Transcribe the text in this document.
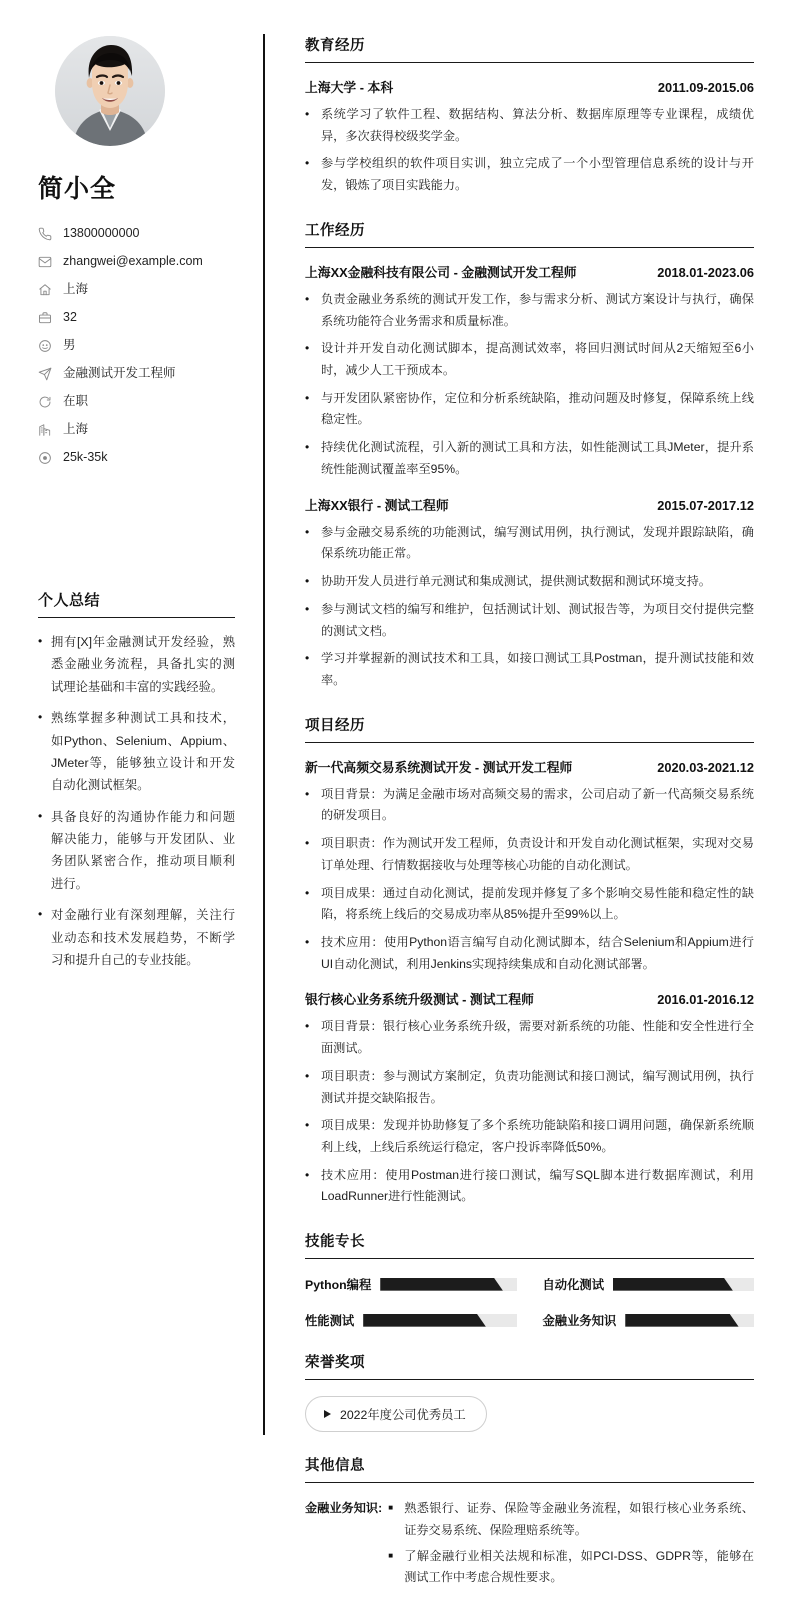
简小全
13800000000
zhangwei@example.com
上海
32
男
金融测试开发工程师
在职
上海
25k-35k
个人总结
• 拥有[X]年金融测试开发经验，熟悉金融业务流程，具备扎实的测试理论基础和丰富的实践经验。
• 熟练掌握多种测试工具和技术，如Python、Selenium、Appium、JMeter等，能够独立设计和开发自动化测试框架。
• 具备良好的沟通协作能力和问题解决能力，能够与开发团队、业务团队紧密合作，推动项目顺利进行。
• 对金融行业有深刻理解，关注行业动态和技术发展趋势，不断学习和提升自己的专业技能。
教育经历
上海大学 - 本科	2011.09-2015.06
• 系统学习了软件工程、数据结构、算法分析、数据库原理等专业课程，成绩优异，多次获得校级奖学金。
• 参与学校组织的软件项目实训，独立完成了一个小型管理信息系统的设计与开发，锻炼了项目实践能力。
工作经历
上海XX金融科技有限公司 - 金融测试开发工程师	2018.01-2023.06
• 负责金融业务系统的测试开发工作，参与需求分析、测试方案设计与执行，确保系统功能符合业务需求和质量标准。
• 设计并开发自动化测试脚本，提高测试效率，将回归测试时间从2天缩短至6小时，减少人工干预成本。
• 与开发团队紧密协作，定位和分析系统缺陷，推动问题及时修复，保障系统上线稳定性。
• 持续优化测试流程，引入新的测试工具和方法，如性能测试工具JMeter，提升系统性能测试覆盖率至95%。
上海XX银行 - 测试工程师	2015.07-2017.12
• 参与金融交易系统的功能测试，编写测试用例，执行测试，发现并跟踪缺陷，确保系统功能正常。
• 协助开发人员进行单元测试和集成测试，提供测试数据和测试环境支持。
• 参与测试文档的编写和维护，包括测试计划、测试报告等，为项目交付提供完整的测试文档。
• 学习并掌握新的测试技术和工具，如接口测试工具Postman，提升测试技能和效率。
项目经历
新一代高频交易系统测试开发 - 测试开发工程师	2020.03-2021.12
• 项目背景：为满足金融市场对高频交易的需求，公司启动了新一代高频交易系统的研发项目。
• 项目职责：作为测试开发工程师，负责设计和开发自动化测试框架，实现对交易订单处理、行情数据接收与处理等核心功能的自动化测试。
• 项目成果：通过自动化测试，提前发现并修复了多个影响交易性能和稳定性的缺陷，将系统上线后的交易成功率从85%提升至99%以上。
• 技术应用：使用Python语言编写自动化测试脚本，结合Selenium和Appium进行UI自动化测试，利用Jenkins实现持续集成和自动化测试部署。
银行核心业务系统升级测试 - 测试工程师	2016.01-2016.12
• 项目背景：银行核心业务系统升级，需要对新系统的功能、性能和安全性进行全面测试。
• 项目职责：参与测试方案制定，负责功能测试和接口测试，编写测试用例，执行测试并提交缺陷报告。
• 项目成果：发现并协助修复了多个系统功能缺陷和接口调用问题，确保新系统顺利上线，上线后系统运行稳定，客户投诉率降低50%。
• 技术应用：使用Postman进行接口测试，编写SQL脚本进行数据库测试，利用LoadRunner进行性能测试。
技能专长
Python编程	自动化测试
性能测试	金融业务知识
荣誉奖项
2022年度公司优秀员工
其他信息
金融业务知识: ■ 熟悉银行、证券、保险等金融业务流程，如银行核心业务系统、证券交易系统、保险理赔系统等。
■ 了解金融行业相关法规和标准，如PCI-DSS、GDPR等，能够在测试工作中考虑合规性要求。
